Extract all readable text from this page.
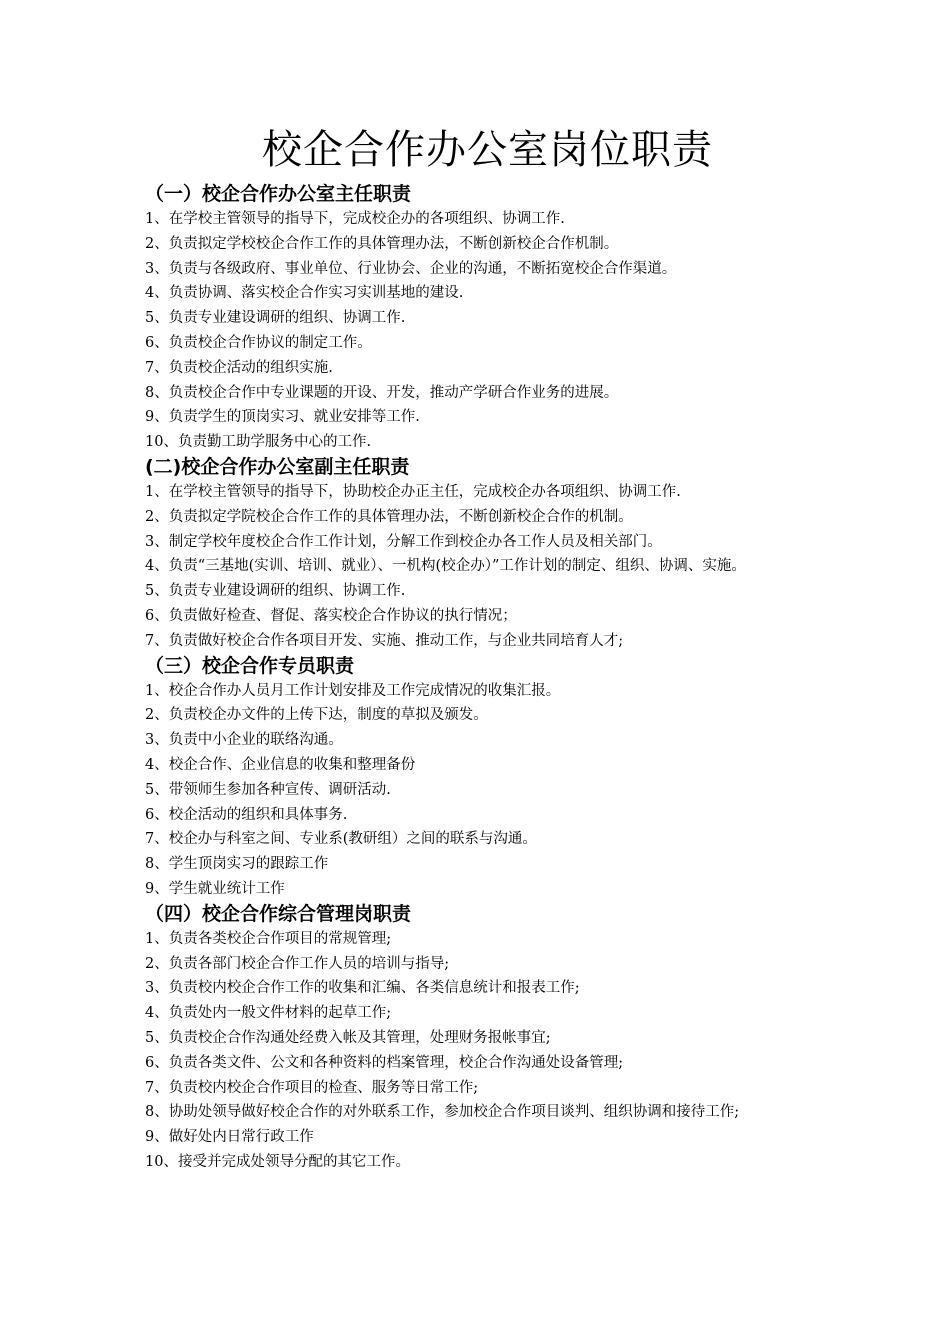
校企合作办公室岗位职责
（一）校企合作办公室主任职责

1、在学校主管领导的指导下，完成校企办的各项组织、协调工作.

2、负责拟定学校校企合作工作的具体管理办法，不断创新校企合作机制。

3、负责与各级政府、事业单位、行业协会、企业的沟通，不断拓宽校企合作渠道。

4、负责协调、落实校企合作实习实训基地的建设.

5、负责专业建设调研的组织、协调工作.

6、负责校企合作协议的制定工作。

7、负责校企活动的组织实施.

8、负责校企合作中专业课题的开设、开发，推动产学研合作业务的进展。

9、负责学生的顶岗实习、就业安排等工作.

10、负责勤工助学服务中心的工作.

(二)校企合作办公室副主任职责

1、在学校主管领导的指导下，协助校企办正主任，完成校企办各项组织、协调工作.

2、负责拟定学院校企合作工作的具体管理办法，不断创新校企合作的机制。

3、制定学校年度校企合作工作计划，分解工作到校企办各工作人员及相关部门。

4、负责“三基地(实训、培训、就业）、一机构(校企办）”工作计划的制定、组织、协调、实施。

5、负责专业建设调研的组织、协调工作.

6、负责做好检查、督促、落实校企合作协议的执行情况；

7、负责做好校企合作各项目开发、实施、推动工作，与企业共同培育人才;

（三）校企合作专员职责

1、校企合作办人员月工作计划安排及工作完成情况的收集汇报。

2、负责校企办文件的上传下达，制度的草拟及颁发。

3、负责中小企业的联络沟通。

4、校企合作、企业信息的收集和整理备份

5、带领师生参加各种宣传、调研活动.

6、校企活动的组织和具体事务.

7、校企办与科室之间、专业系(教研组）之间的联系与沟通。

8、学生顶岗实习的跟踪工作

9、学生就业统计工作

（四）校企合作综合管理岗职责

1、负责各类校企合作项目的常规管理;

2、负责各部门校企合作工作人员的培训与指导;

3、负责校内校企合作工作的收集和汇编、各类信息统计和报表工作;

4、负责处内一般文件材料的起草工作;

5、负责校企合作沟通处经费入帐及其管理，处理财务报帐事宜;

6、负责各类文件、公文和各种资料的档案管理，校企合作沟通处设备管理;

7、负责校内校企合作项目的检查、服务等日常工作;

8、协助处领导做好校企合作的对外联系工作，参加校企合作项目谈判、组织协调和接待工作;

9、做好处内日常行政工作

10、接受并完成处领导分配的其它工作。
